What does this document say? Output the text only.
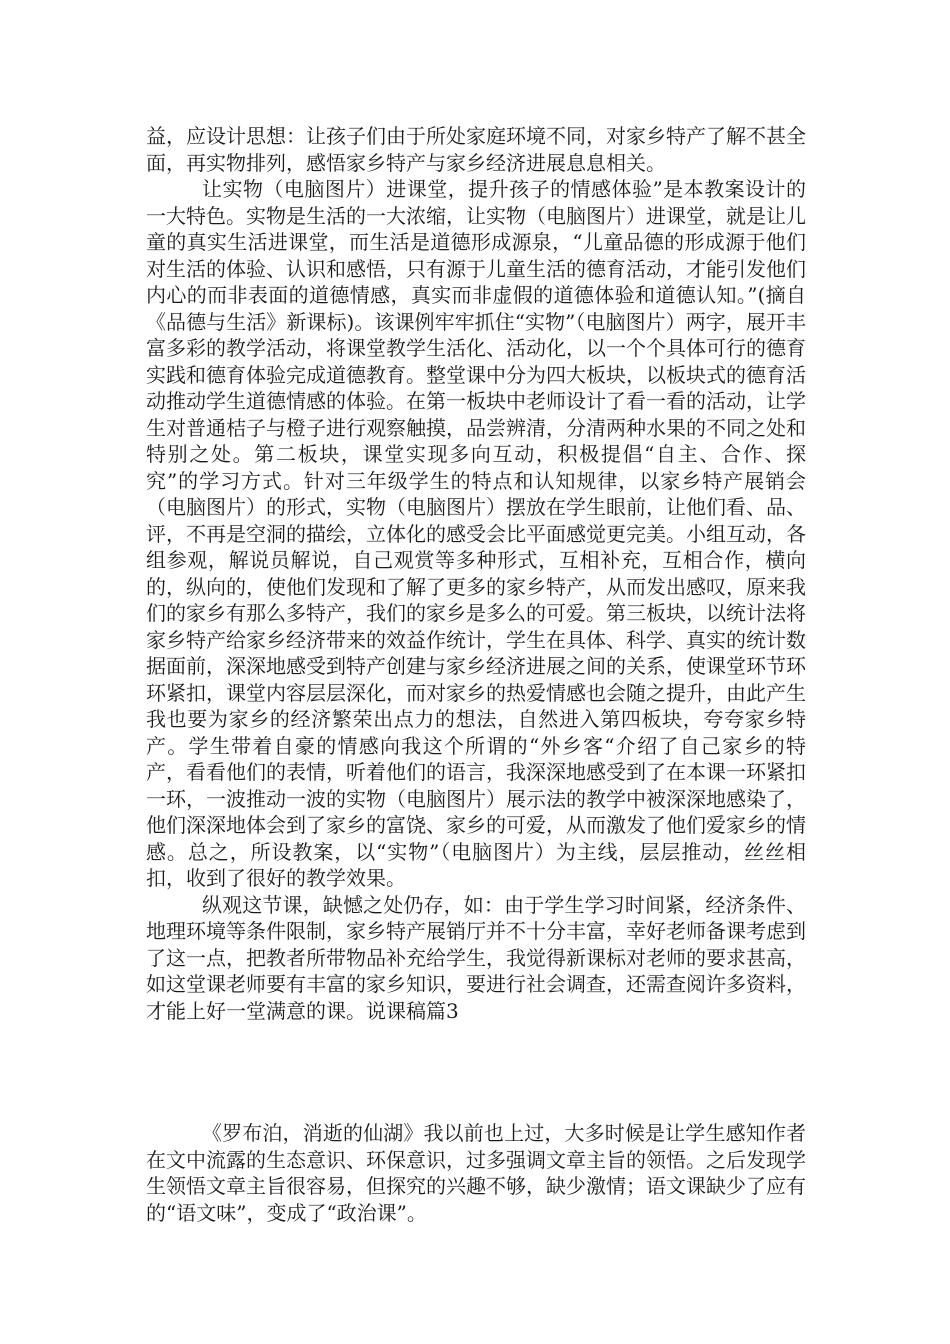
益，应设计思想：让孩子们由于所处家庭环境不同，对家乡特产了解不甚全面，再实物排列，感悟家乡特产与家乡经济进展息息相关。

让实物（电脑图片）进课堂，提升孩子的情感体验”是本教案设计的一大特色。实物是生活的一大浓缩，让实物（电脑图片）进课堂，就是让儿童的真实生活进课堂，而生活是道德形成源泉，“儿童品德的形成源于他们对生活的体验、认识和感悟，只有源于儿童生活的德育活动，才能引发他们内心的而非表面的道德情感，真实而非虚假的道德体验和道德认知。”(摘自《品德与生活》新课标)。该课例牢牢抓住“实物”（电脑图片）两字，展开丰富多彩的教学活动，将课堂教学生活化、活动化，以一个个具体可行的德育实践和德育体验完成道德教育。整堂课中分为四大板块，以板块式的德育活动推动学生道德情感的体验。在第一板块中老师设计了看一看的活动，让学生对普通桔子与橙子进行观察触摸，品尝辨清，分清两种水果的不同之处和特别之处。第二板块，课堂实现多向互动，积极提倡“自主、合作、探究”的学习方式。针对三年级学生的特点和认知规律，以家乡特产展销会（电脑图片）的形式，实物（电脑图片）摆放在学生眼前，让他们看、品、评，不再是空洞的描绘，立体化的感受会比平面感觉更完美。小组互动，各组参观，解说员解说，自己观赏等多种形式，互相补充，互相合作，横向的，纵向的，使他们发现和了解了更多的家乡特产，从而发出感叹，原来我们的家乡有那么多特产，我们的家乡是多么的可爱。第三板块，以统计法将家乡特产给家乡经济带来的效益作统计，学生在具体、科学、真实的统计数据面前，深深地感受到特产创建与家乡经济进展之间的关系，使课堂环节环环紧扣，课堂内容层层深化，而对家乡的热爱情感也会随之提升，由此产生我也要为家乡的经济繁荣出点力的想法，自然进入第四板块，夸夸家乡特产。学生带着自豪的情感向我这个所谓的“外乡客“介绍了自己家乡的特产，看看他们的表情，听着他们的语言，我深深地感受到了在本课一环紧扣一环，一波推动一波的实物（电脑图片）展示法的教学中被深深地感染了，他们深深地体会到了家乡的富饶、家乡的可爱，从而激发了他们爱家乡的情感。总之，所设教案，以“实物”（电脑图片）为主线，层层推动，丝丝相扣，收到了很好的教学效果。

纵观这节课，缺憾之处仍存，如：由于学生学习时间紧，经济条件、地理环境等条件限制，家乡特产展销厅并不十分丰富，幸好老师备课考虑到了这一点，把教者所带物品补充给学生，我觉得新课标对老师的要求甚高，如这堂课老师要有丰富的家乡知识，要进行社会调查，还需查阅许多资料，才能上好一堂满意的课。说课稿篇3

《罗布泊，消逝的仙湖》我以前也上过，大多时候是让学生感知作者在文中流露的生态意识、环保意识，过多强调文章主旨的领悟。之后发现学生领悟文章主旨很容易，但探究的兴趣不够，缺少激情；语文课缺少了应有的“语文味”，变成了“政治课”。
